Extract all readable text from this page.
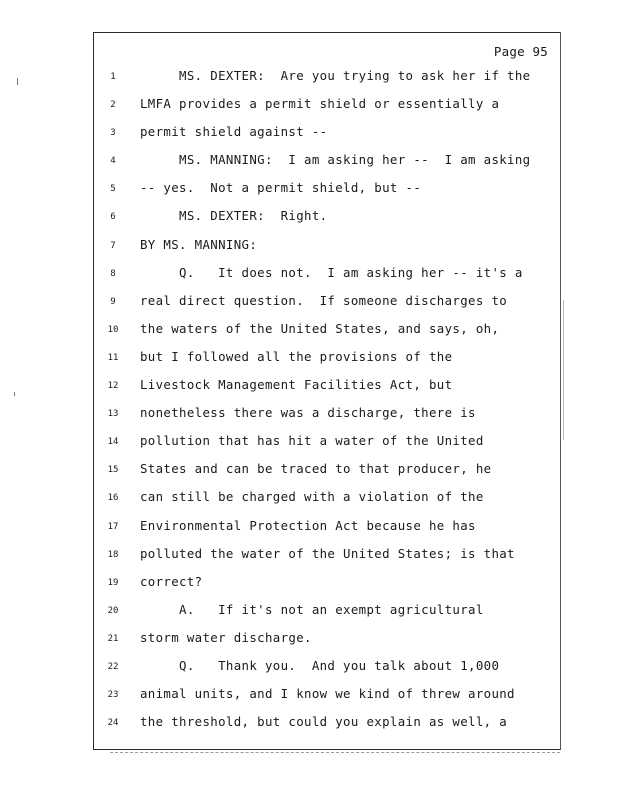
Page 95
1	MS. DEXTER:  Are you trying to ask her if the
2	LMFA provides a permit shield or essentially a
3	permit shield against --
4	MS. MANNING:  I am asking her --  I am asking
5	-- yes.  Not a permit shield, but --
6	MS. DEXTER:  Right.
7	BY MS. MANNING:
8	Q.   It does not.  I am asking her -- it's a
9	real direct question.  If someone discharges to
10	the waters of the United States, and says, oh,
11	but I followed all the provisions of the
12	Livestock Management Facilities Act, but
13	nonetheless there was a discharge, there is
14	pollution that has hit a water of the United
15	States and can be traced to that producer, he
16	can still be charged with a violation of the
17	Environmental Protection Act because he has
18	polluted the water of the United States; is that
19	correct?
20	A.   If it's not an exempt agricultural
21	storm water discharge.
22	Q.   Thank you.  And you talk about 1,000
23	animal units, and I know we kind of threw around
24	the threshold, but could you explain as well, a
